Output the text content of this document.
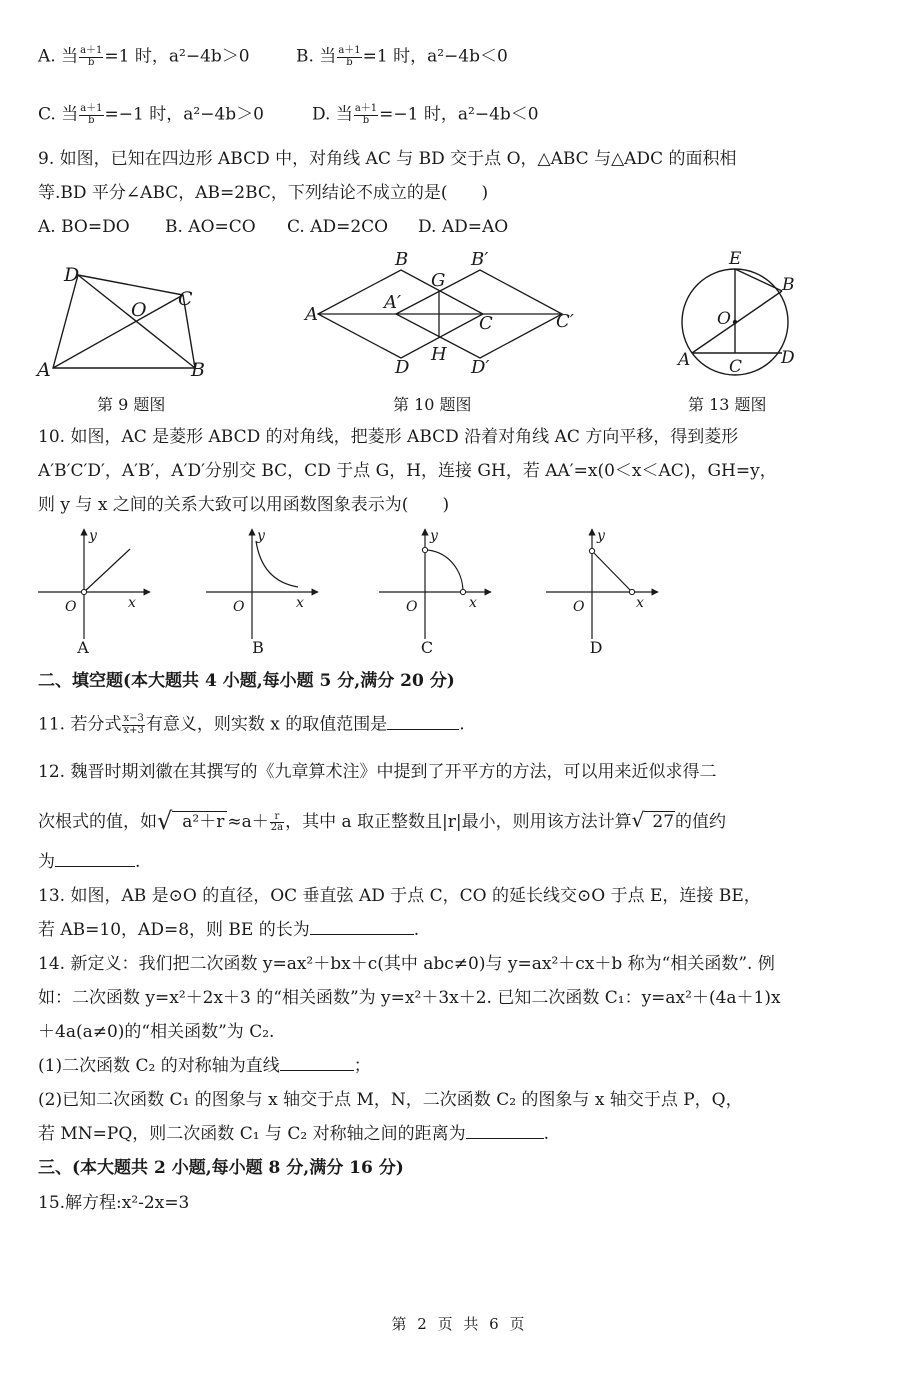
A. 当 $\frac{a+1}{b} =1$ 时，a²−4b＞0	B. 当 $\frac{a+1}{b} =1$ 时，a²−4b＜0
C. 当 $\frac{a+1}{b} =-1$ 时，a²−4b＞0	D. 当 $\frac{a+1}{b} =-1$ 时，a²−4b＜0
9. 如图，已知在四边形 ABCD 中，对角线 AC 与 BD 交于点 O，△ABC 与△ADC 的面积相
等.BD 平分∠ABC，AB=2BC，下列结论不成立的是(　　)
A. BO=DO B. AO=CO C. AD=2CO D. AD=AO
D
C
O
A	B
第 9 题图
B
G
B′
A
A′
C	C′
D
H
D′
第 10 题图
E
B
O
A C D
第 13 题图
10. 如图，AC 是菱形 ABCD 的对角线，把菱形 ABCD 沿着对角线 AC 方向平移，得到菱形
A′B′C′D′，A′B′，A′D′分别交 BC，CD 于点 G，H，连接 GH，若 AA′=x(0＜x＜AC)，GH=y，
则 y 与 x 之间的关系大致可以用函数图象表示为(　　)
y
x
O
A
y
x
O
B
y
x
O
C
y
x
O
D
二、填空题(本大题共 4 小题,每小题 5 分,满分 20 分)
11. 若分式 $\frac{x-3}{x+3}$ 有意义，则实数 x 的取值范围是	.
12. 魏晋时期刘徽在其撰写的《九章算术注》中提到了开平方的方法，可以用来近似求得二
次根式的值，如√ $a^2+r \approx a+ \frac{r}{2a}$ ，其中 a 取正整数且|r|最小，则用该方法计算√ 27的值约
为	.
13. 如图，AB 是⊙O 的直径，OC 垂直弦 AD 于点 C，CO 的延长线交⊙O 于点 E，连接 BE，
若 AB=10，AD=8，则 BE 的长为	.
14. 新定义：我们把二次函数 y=ax²＋bx＋c(其中 abc≠0)与 y=ax²＋cx＋b 称为“相关函数”. 例
如：二次函数 y=x²＋2x＋3 的“相关函数”为 y=x²＋3x＋2. 已知二次函数 C₁：y=ax²＋(4a＋1)x
＋4a(a≠0)的“相关函数”为 C₂.
(1)二次函数 C₂ 的对称轴为直线	；
(2)已知二次函数 C₁ 的图象与 x 轴交于点 M，N，二次函数 C₂ 的图象与 x 轴交于点 P，Q，
若 MN=PQ，则二次函数 C₁ 与 C₂ 对称轴之间的距离为	.
三、(本大题共 2 小题,每小题 8 分,满分 16 分)
15.解方程:x²-2x=3
第 2 页 共 6 页
